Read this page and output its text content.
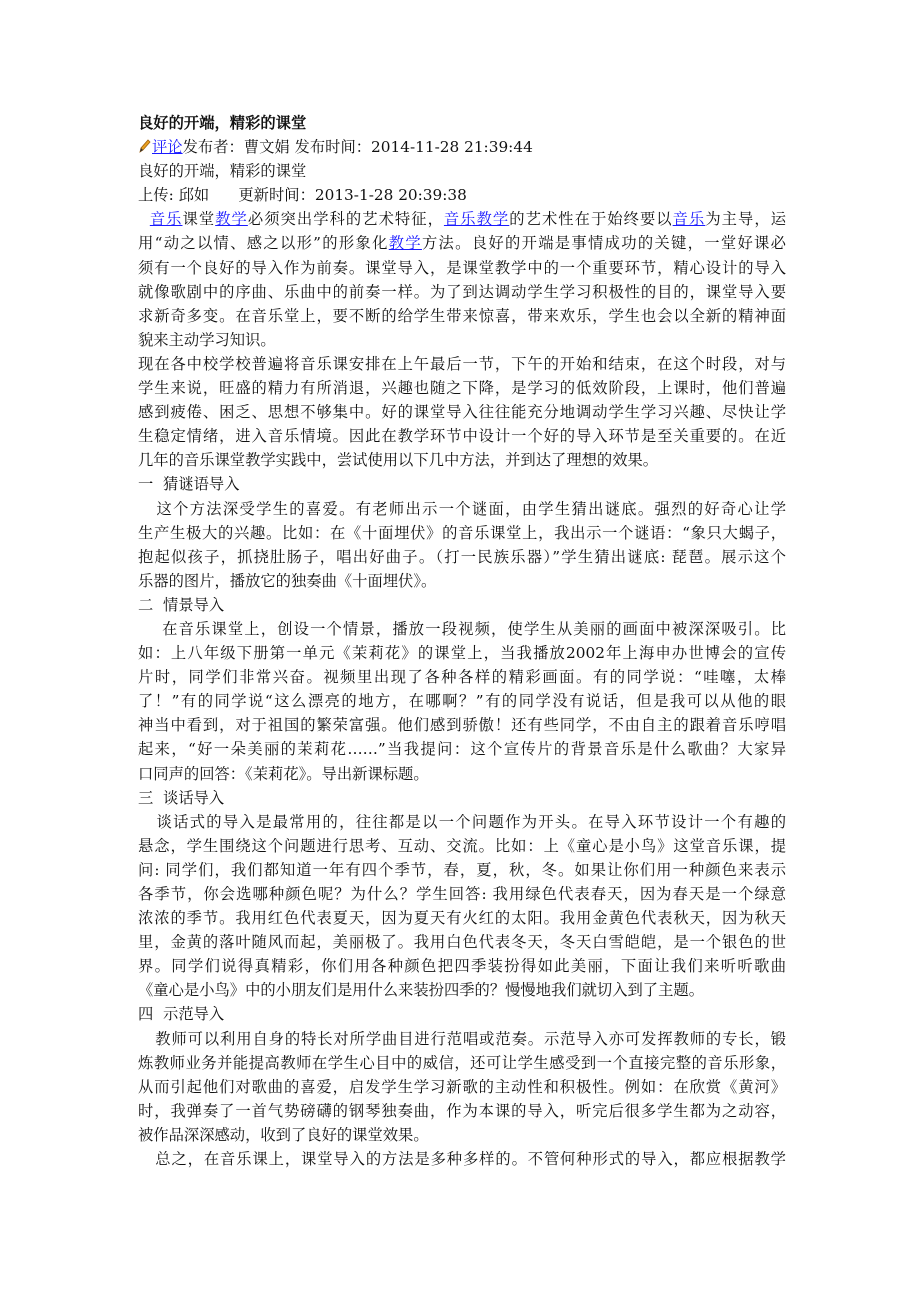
良好的开端，精彩的课堂
评论发布者：曹文娟 发布时间：2014-11-28 21:39:44
良好的开端，精彩的课堂
上传: 邱如      更新时间：2013-1-28 20:39:38
音乐课堂教学必须突出学科的艺术特征，音乐教学的艺术性在于始终要以音乐为主导，运
用“动之以情、感之以形”的形象化教学方法。良好的开端是事情成功的关键，一堂好课必
须有一个良好的导入作为前奏。课堂导入，是课堂教学中的一个重要环节，精心设计的导入
就像歌剧中的序曲、乐曲中的前奏一样。为了到达调动学生学习积极性的目的，课堂导入要
求新奇多变。在音乐堂上，要不断的给学生带来惊喜，带来欢乐，学生也会以全新的精神面
貌来主动学习知识。
现在各中校学校普遍将音乐课安排在上午最后一节，下午的开始和结束，在这个时段，对与
学生来说，旺盛的精力有所消退，兴趣也随之下降，是学习的低效阶段，上课时，他们普遍
感到疲倦、困乏、思想不够集中。好的课堂导入往往能充分地调动学生学习兴趣、尽快让学
生稳定情绪，进入音乐情境。因此在教学环节中设计一个好的导入环节是至关重要的。在近
几年的音乐课堂教学实践中，尝试使用以下几中方法，并到达了理想的效果。
一  猜谜语导入
这个方法深受学生的喜爱。有老师出示一个谜面，由学生猜出谜底。强烈的好奇心让学
生产生极大的兴趣。比如：在《十面埋伏》的音乐课堂上，我出示一个谜语：“象只大蝎子，
抱起似孩子，抓挠肚肠子，唱出好曲子。（打一民族乐器）”学生猜出谜底: 琵琶。展示这个
乐器的图片，播放它的独奏曲《十面埋伏》。
二  情景导入
在音乐课堂上，创设一个情景，播放一段视频，使学生从美丽的画面中被深深吸引。比
如：上八年级下册第一单元《茉莉花》的课堂上，当我播放2002年上海申办世博会的宣传
片时，同学们非常兴奋。视频里出现了各种各样的精彩画面。有的同学说：“哇噻，太棒
了！”有的同学说“这么漂亮的地方，在哪啊？”有的同学没有说话，但是我可以从他的眼
神当中看到，对于祖国的繁荣富强。他们感到骄傲！还有些同学，不由自主的跟着音乐哼唱
起来，“好一朵美丽的茉莉花……”当我提问：这个宣传片的背景音乐是什么歌曲？大家异
口同声的回答：《茉莉花》。导出新课标题。
三  谈话导入
谈话式的导入是最常用的，往往都是以一个问题作为开头。在导入环节设计一个有趣的
悬念，学生围绕这个问题进行思考、互动、交流。比如：上《童心是小鸟》这堂音乐课，提
问: 同学们，我们都知道一年有四个季节，春，夏，秋，冬。如果让你们用一种颜色来表示
各季节，你会选哪种颜色呢？为什么？学生回答: 我用绿色代表春天，因为春天是一个绿意
浓浓的季节。我用红色代表夏天，因为夏天有火红的太阳。我用金黄色代表秋天，因为秋天
里，金黄的落叶随风而起，美丽极了。我用白色代表冬天，冬天白雪皑皑，是一个银色的世
界。同学们说得真精彩，你们用各种颜色把四季装扮得如此美丽，下面让我们来听听歌曲
《童心是小鸟》中的小朋友们是用什么来装扮四季的？慢慢地我们就切入到了主题。
四  示范导入
教师可以利用自身的特长对所学曲目进行范唱或范奏。示范导入亦可发挥教师的专长，锻
炼教师业务并能提高教师在学生心目中的威信，还可让学生感受到一个直接完整的音乐形象，
从而引起他们对歌曲的喜爱，启发学生学习新歌的主动性和积极性。例如：在欣赏《黄河》
时，我弹奏了一首气势磅礴的钢琴独奏曲，作为本课的导入，听完后很多学生都为之动容，
被作品深深感动，收到了良好的课堂效果。
总之，在音乐课上，课堂导入的方法是多种多样的。不管何种形式的导入，都应根据教学
